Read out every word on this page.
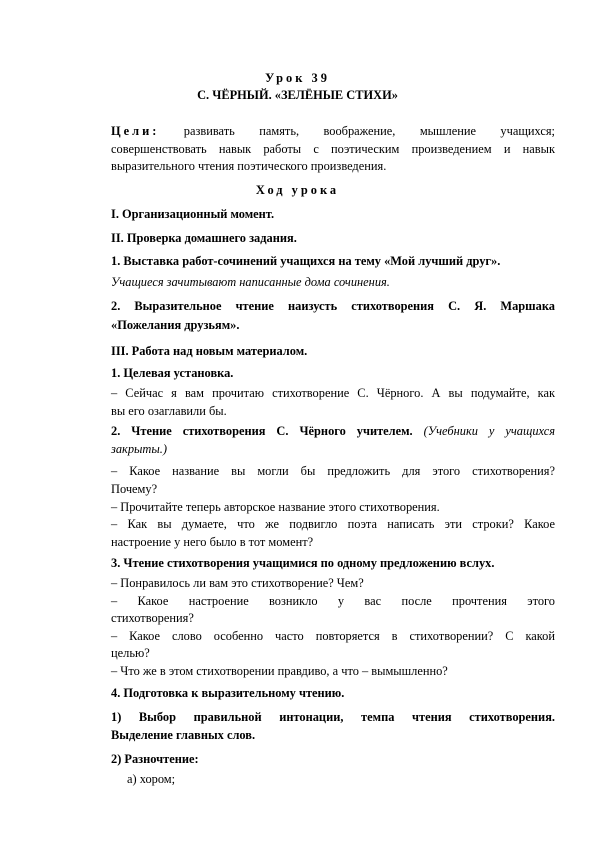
Урок 39
С. ЧЁРНЫЙ. «ЗЕЛЁНЫЕ СТИХИ»
Цели: развивать память, воображение, мышление учащихся;
совершенствовать навык работы с поэтическим произведением и навык
выразительного чтения поэтического произведения.
Ход урока
I. Организационный момент.
II. Проверка домашнего задания.
1. Выставка работ-сочинений учащихся на тему «Мой лучший друг».
Учащиеся зачитывают написанные дома сочинения.
2. Выразительное чтение наизусть стихотворения С. Я. Маршака
«Пожелания друзьям».
III. Работа над новым материалом.
1. Целевая установка.
– Сейчас я вам прочитаю стихотворение С. Чёрного. А вы подумайте, как
вы его озаглавили бы.
2. Чтение стихотворения С. Чёрного учителем. (Учебники у учащихся
закрыты.)
– Какое название вы могли бы предложить для этого стихотворения?
Почему?
– Прочитайте теперь авторское название этого стихотворения.
– Как вы думаете, что же подвигло поэта написать эти строки? Какое
настроение у него было в тот момент?
3. Чтение стихотворения учащимися по одному предложению вслух.
– Понравилось ли вам это стихотворение? Чем?
– Какое настроение возникло у вас после прочтения этого
стихотворения?
– Какое слово особенно часто повторяется в стихотворении? С какой
целью?
– Что же в этом стихотворении правдиво, а что – вымышленно?
4. Подготовка к выразительному чтению.
1) Выбор правильной интонации, темпа чтения стихотворения.
Выделение главных слов.
2) Разночтение:
а) хором;
